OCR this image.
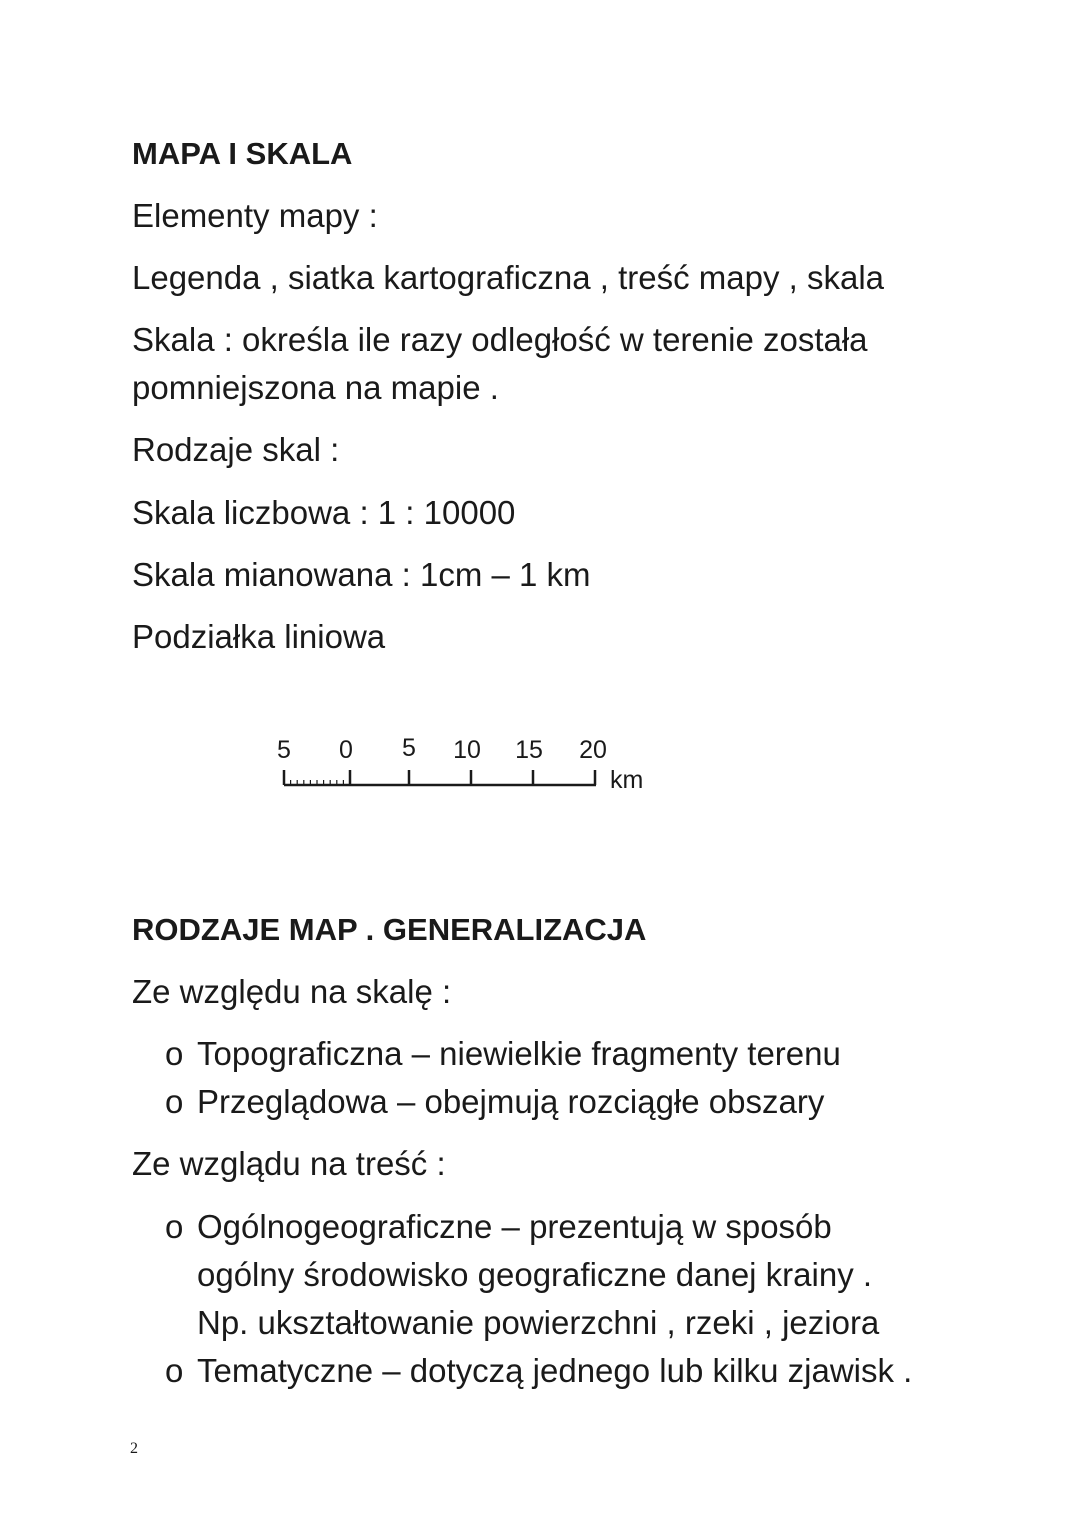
MAPA I SKALA
Elementy mapy :
Legenda , siatka kartograficzna , treść mapy , skala
Skala : określa ile razy odległość w terenie została
pomniejszona na mapie .
Rodzaje skal :
Skala liczbowa : 1 : 10000
Skala mianowana : 1cm – 1 km
Podziałka liniowa
5 0 5 10 15 20
km
RODZAJE MAP . GENERALIZACJA
Ze względu na skalę :
o Topograficzna – niewielkie fragmenty terenu
o Przeglądowa – obejmują rozciągłe obszary
Ze wzglądu na treść :
o Ogólnogeograficzne – prezentują w sposób
ogólny środowisko geograficzne danej krainy .
Np. ukształtowanie powierzchni , rzeki , jeziora
o Tematyczne – dotyczą jednego lub kilku zjawisk .
2
